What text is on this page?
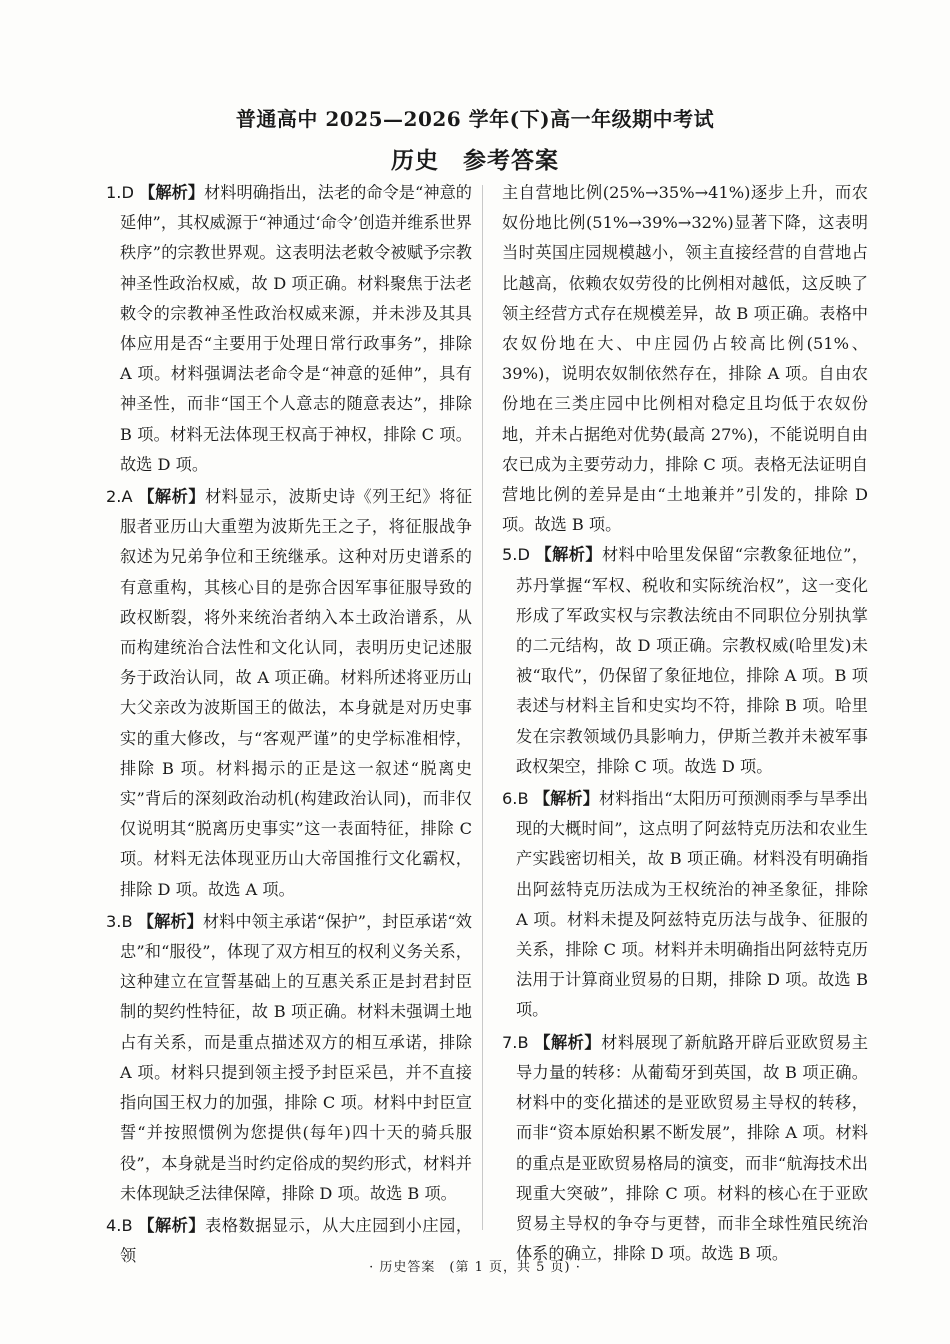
普通高中 2025—2026 学年(下)高一年级期中考试
历史　参考答案

1.D 【解析】材料明确指出，法老的命令是“神意的延伸”，其权威源于“神通过‘命令’创造并维系世界秩序”的宗教世界观。这表明法老敕令被赋予宗教神圣性政治权威，故 D 项正确。材料聚焦于法老敕令的宗教神圣性政治权威来源，并未涉及其具体应用是否“主要用于处理日常行政事务”，排除 A 项。材料强调法老命令是“神意的延伸”，具有神圣性，而非“国王个人意志的随意表达”，排除 B 项。材料无法体现王权高于神权，排除 C 项。故选 D 项。

2.A 【解析】材料显示，波斯史诗《列王纪》将征服者亚历山大重塑为波斯先王之子，将征服战争叙述为兄弟争位和王统继承。这种对历史谱系的有意重构，其核心目的是弥合因军事征服导致的政权断裂，将外来统治者纳入本土政治谱系，从而构建统治合法性和文化认同，表明历史记述服务于政治认同，故 A 项正确。材料所述将亚历山大父亲改为波斯国王的做法，本身就是对历史事实的重大修改，与“客观严谨”的史学标准相悖，排除 B 项。材料揭示的正是这一叙述“脱离史实”背后的深刻政治动机(构建政治认同)，而非仅仅说明其“脱离历史事实”这一表面特征，排除 C 项。材料无法体现亚历山大帝国推行文化霸权，排除 D 项。故选 A 项。

3.B 【解析】材料中领主承诺“保护”，封臣承诺“效忠”和“服役”，体现了双方相互的权利义务关系，这种建立在宣誓基础上的互惠关系正是封君封臣制的契约性特征，故 B 项正确。材料未强调土地占有关系，而是重点描述双方的相互承诺，排除 A 项。材料只提到领主授予封臣采邑，并不直接指向国王权力的加强，排除 C 项。材料中封臣宣誓“并按照惯例为您提供(每年)四十天的骑兵服役”，本身就是当时约定俗成的契约形式，材料并未体现缺乏法律保障，排除 D 项。故选 B 项。

4.B 【解析】表格数据显示，从大庄园到小庄园，领

主自营地比例(25%→35%→41%)逐步上升，而农奴份地比例(51%→39%→32%)显著下降，这表明当时英国庄园规模越小，领主直接经营的自营地占比越高，依赖农奴劳役的比例相对越低，这反映了领主经营方式存在规模差异，故 B 项正确。表格中农奴份地在大、中庄园仍占较高比例(51%、39%)，说明农奴制依然存在，排除 A 项。自由农份地在三类庄园中比例相对稳定且均低于农奴份地，并未占据绝对优势(最高 27%)，不能说明自由农已成为主要劳动力，排除 C 项。表格无法证明自营地比例的差异是由“土地兼并”引发的，排除 D 项。故选 B 项。

5.D 【解析】材料中哈里发保留“宗教象征地位”，苏丹掌握“军权、税收和实际统治权”，这一变化形成了军政实权与宗教法统由不同职位分别执掌的二元结构，故 D 项正确。宗教权威(哈里发)未被“取代”，仍保留了象征地位，排除 A 项。B 项表述与材料主旨和史实均不符，排除 B 项。哈里发在宗教领域仍具影响力，伊斯兰教并未被军事政权架空，排除 C 项。故选 D 项。

6.B 【解析】材料指出“太阳历可预测雨季与旱季出现的大概时间”，这点明了阿兹特克历法和农业生产实践密切相关，故 B 项正确。材料没有明确指出阿兹特克历法成为王权统治的神圣象征，排除 A 项。材料未提及阿兹特克历法与战争、征服的关系，排除 C 项。材料并未明确指出阿兹特克历法用于计算商业贸易的日期，排除 D 项。故选 B 项。

7.B 【解析】材料展现了新航路开辟后亚欧贸易主导力量的转移：从葡萄牙到英国，故 B 项正确。材料中的变化描述的是亚欧贸易主导权的转移，而非“资本原始积累不断发展”，排除 A 项。材料的重点是亚欧贸易格局的演变，而非“航海技术出现重大突破”，排除 C 项。材料的核心在于亚欧贸易主导权的争夺与更替，而非全球性殖民统治体系的确立，排除 D 项。故选 B 项。

· 历史答案　(第 1 页，共 5 页) ·
